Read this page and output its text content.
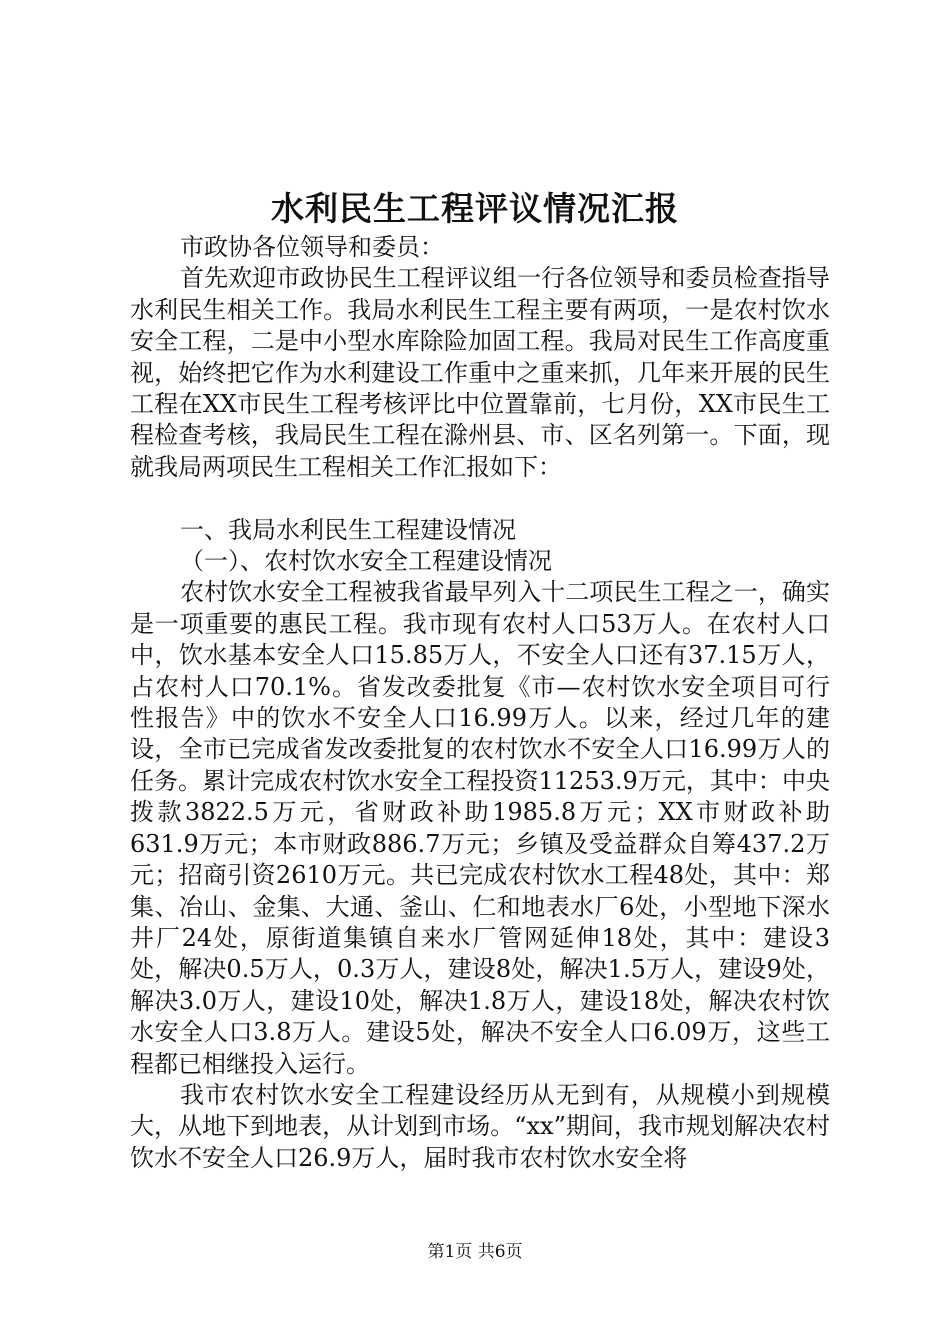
水利民生工程评议情况汇报

市政协各位领导和委员：

首先欢迎市政协民生工程评议组一行各位领导和委员检查指导水利民生相关工作。我局水利民生工程主要有两项，一是农村饮水安全工程，二是中小型水库除险加固工程。我局对民生工作高度重视，始终把它作为水利建设工作重中之重来抓，几年来开展的民生工程在XX市民生工程考核评比中位置靠前，七月份，XX市民生工程检查考核，我局民生工程在滁州县、市、区名列第一。下面，现就我局两项民生工程相关工作汇报如下：

一、我局水利民生工程建设情况

（一）、农村饮水安全工程建设情况

农村饮水安全工程被我省最早列入十二项民生工程之一，确实是一项重要的惠民工程。我市现有农村人口53万人。在农村人口中，饮水基本安全人口15.85万人，不安全人口还有37.15万人，占农村人口70.1%。省发改委批复《市—农村饮水安全项目可行性报告》中的饮水不安全人口16.99万人。以来，经过几年的建设，全市已完成省发改委批复的农村饮水不安全人口16.99万人的任务。累计完成农村饮水安全工程投资11253.9万元，其中：中央拨款3822.5万元，省财政补助1985.8万元；XX市财政补助631.9万元；本市财政886.7万元；乡镇及受益群众自筹437.2万元；招商引资2610万元。共已完成农村饮水工程48处，其中：郑集、冶山、金集、大通、釜山、仁和地表水厂6处，小型地下深水井厂24处，原街道集镇自来水厂管网延伸18处，其中：建设3处，解决0.5万人，0.3万人，建设8处，解决1.5万人，建设9处，解决3.0万人，建设10处，解决1.8万人，建设18处，解决农村饮水安全人口3.8万人。建设5处，解决不安全人口6.09万，这些工程都已相继投入运行。

我市农村饮水安全工程建设经历从无到有，从规模小到规模大，从地下到地表，从计划到市场。“xx”期间，我市规划解决农村饮水不安全人口26.9万人，届时我市农村饮水安全将

第1页 共6页
